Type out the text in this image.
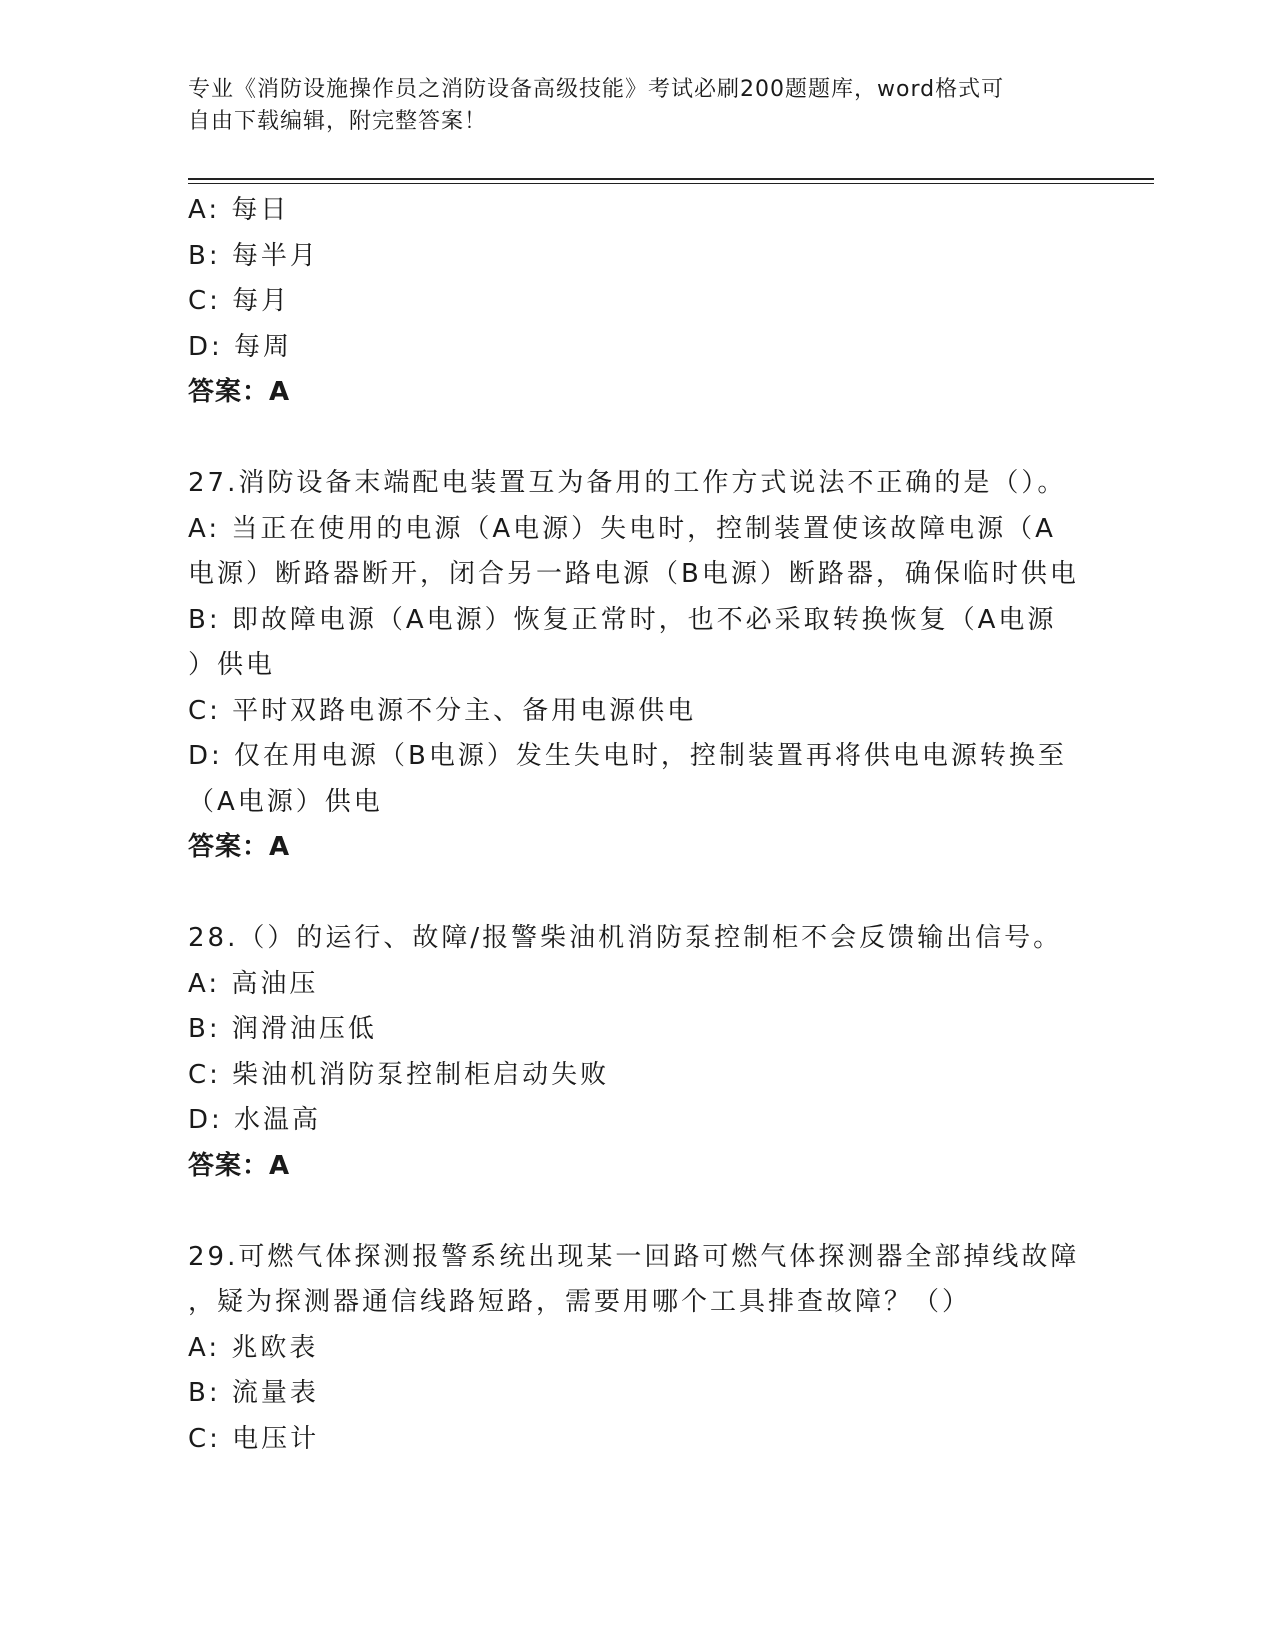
专业《消防设施操作员之消防设备高级技能》考试必刷200题题库，word格式可
自由下载编辑，附完整答案！
A: 每日
B: 每半月
C: 每月
D: 每周
答案：A
27.消防设备末端配电装置互为备用的工作方式说法不正确的是（）。
A: 当正在使用的电源（A电源）失电时，控制装置使该故障电源（A
电源）断路器断开，闭合另一路电源（B电源）断路器，确保临时供电
B: 即故障电源（A电源）恢复正常时，也不必采取转换恢复（A电源
）供电
C: 平时双路电源不分主、备用电源供电
D: 仅在用电源（B电源）发生失电时，控制装置再将供电电源转换至
（A电源）供电
答案：A
28.（）的运行、故障/报警柴油机消防泵控制柜不会反馈输出信号。
A: 高油压
B: 润滑油压低
C: 柴油机消防泵控制柜启动失败
D: 水温高
答案：A
29.可燃气体探测报警系统出现某一回路可燃气体探测器全部掉线故障
，疑为探测器通信线路短路，需要用哪个工具排查故障？（）
A: 兆欧表
B: 流量表
C: 电压计
